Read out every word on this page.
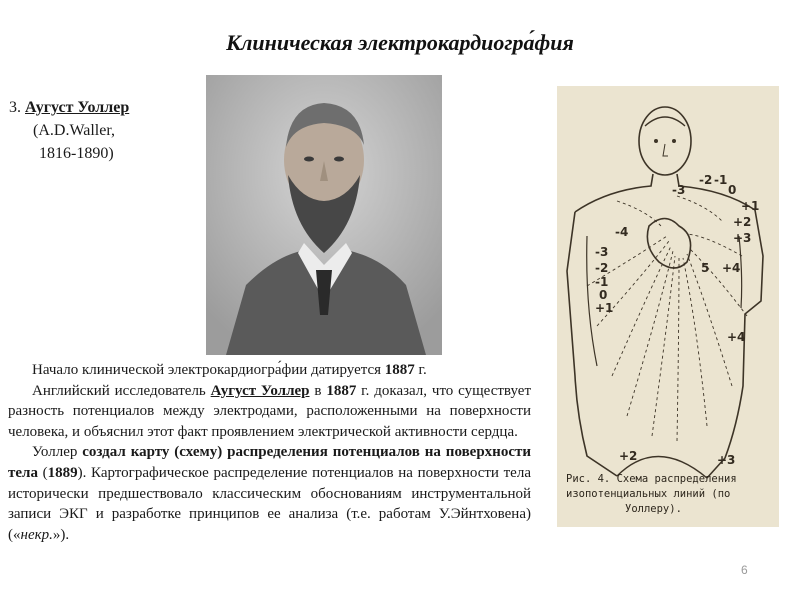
Клиническая электрокардиогра́фия
3. Аугуст Уоллер
(A.D.Waller,
1816-1890)
-2 -1
0
+1
-3
-4
+2
+3
+4
-3
-2
-1
0
+1
5
+4
+2	+3
Рис. 4. Схема распределения
изопотенциальных линий (по
Уоллеру).

Начало клинической электрокардиогра́фии датируется 1887 г.

Английский исследователь Аугуст Уоллер в 1887 г. доказал, что существует разность потенциалов между электродами, расположенными на поверхности человека, и объяснил этот факт проявлением электрической активности сердца.

Уоллер создал карту (схему) распределения потенциалов на поверхности тела (1889). Картографическое распределение потенциалов на поверхности тела исторически предшествовало классическим обоснованиям инструментальной записи ЭКГ и разработке принципов ее анализа (т.е. работам У.Эйнтховена) («некр.»).

6
